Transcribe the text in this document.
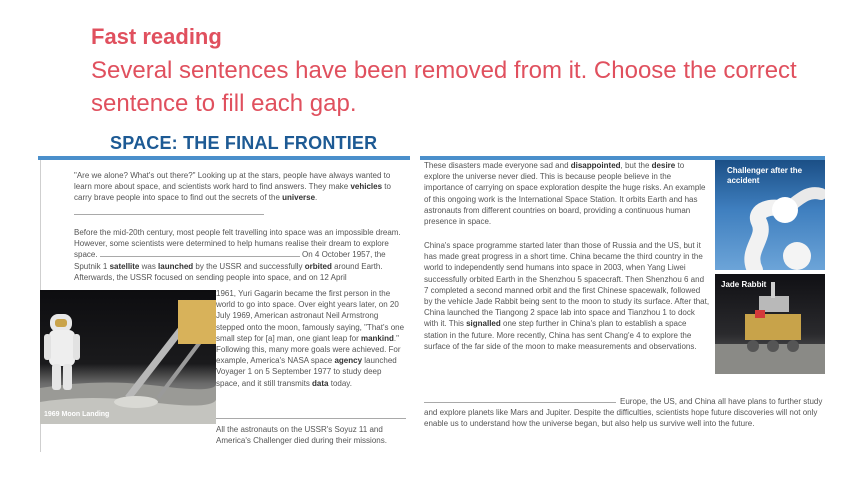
Fast reading

Several sentences have been removed from it. Choose the correct sentence to fill each gap.

SPACE: THE FINAL FRONTIER

"Are we alone? What's out there?" Looking up at the stars, people have always wanted to learn more about space, and scientists work hard to find answers. They make vehicles to carry brave people into space to find out the secrets of the universe.

Before the mid-20th century, most people felt travelling into space was an impossible dream. However, some scientists were determined to help humans realise their dream to explore space.	On 4 October 1957, the Sputnik 1 satellite was launched by the USSR and successfully orbited around Earth. Afterwards, the USSR focused on sending people into space, and on 12 April

1961, Yuri Gagarin became the first person in the world to go into space. Over eight years later, on 20 July 1969, American astronaut Neil Armstrong stepped onto the moon, famously saying, "That's one small step for [a] man, one giant leap for mankind." Following this, many more goals were achieved. For example, America's NASA space agency launched Voyager 1 on 5 September 1977 to study deep space, and it still transmits data today.

All the astronauts on the USSR's Soyuz 11 and America's Challenger died during their missions.

1969 Moon Landing

These disasters made everyone sad and disappointed, but the desire to explore the universe never died. This is because people believe in the importance of carrying on space exploration despite the huge risks. An example of this ongoing work is the International Space Station. It orbits Earth and has astronauts from different countries on board, providing a continuous human presence in space.

China's space programme started later than those of Russia and the US, but it has made great progress in a short time. China became the third country in the world to independently send humans into space in 2003, when Yang Liwei successfully orbited Earth in the Shenzhou 5 spacecraft. Then Shenzhou 6 and 7 completed a second manned orbit and the first Chinese spacewalk, followed by the vehicle Jade Rabbit being sent to the moon to study its surface. After that, China launched the Tiangong 2 space lab into space and Tianzhou 1 to dock with it. This signalled one step further in China's plan to establish a space station in the future. More recently, China has sent Chang'e 4 to explore the surface of the far side of the moon to make measurements and observations.

Europe, the US, and China all have plans to further study and explore planets like Mars and Jupiter. Despite the difficulties, scientists hope future discoveries will not only enable us to understand how the universe began, but also help us survive well into the future.

Challenger after the accident
Jade Rabbit
